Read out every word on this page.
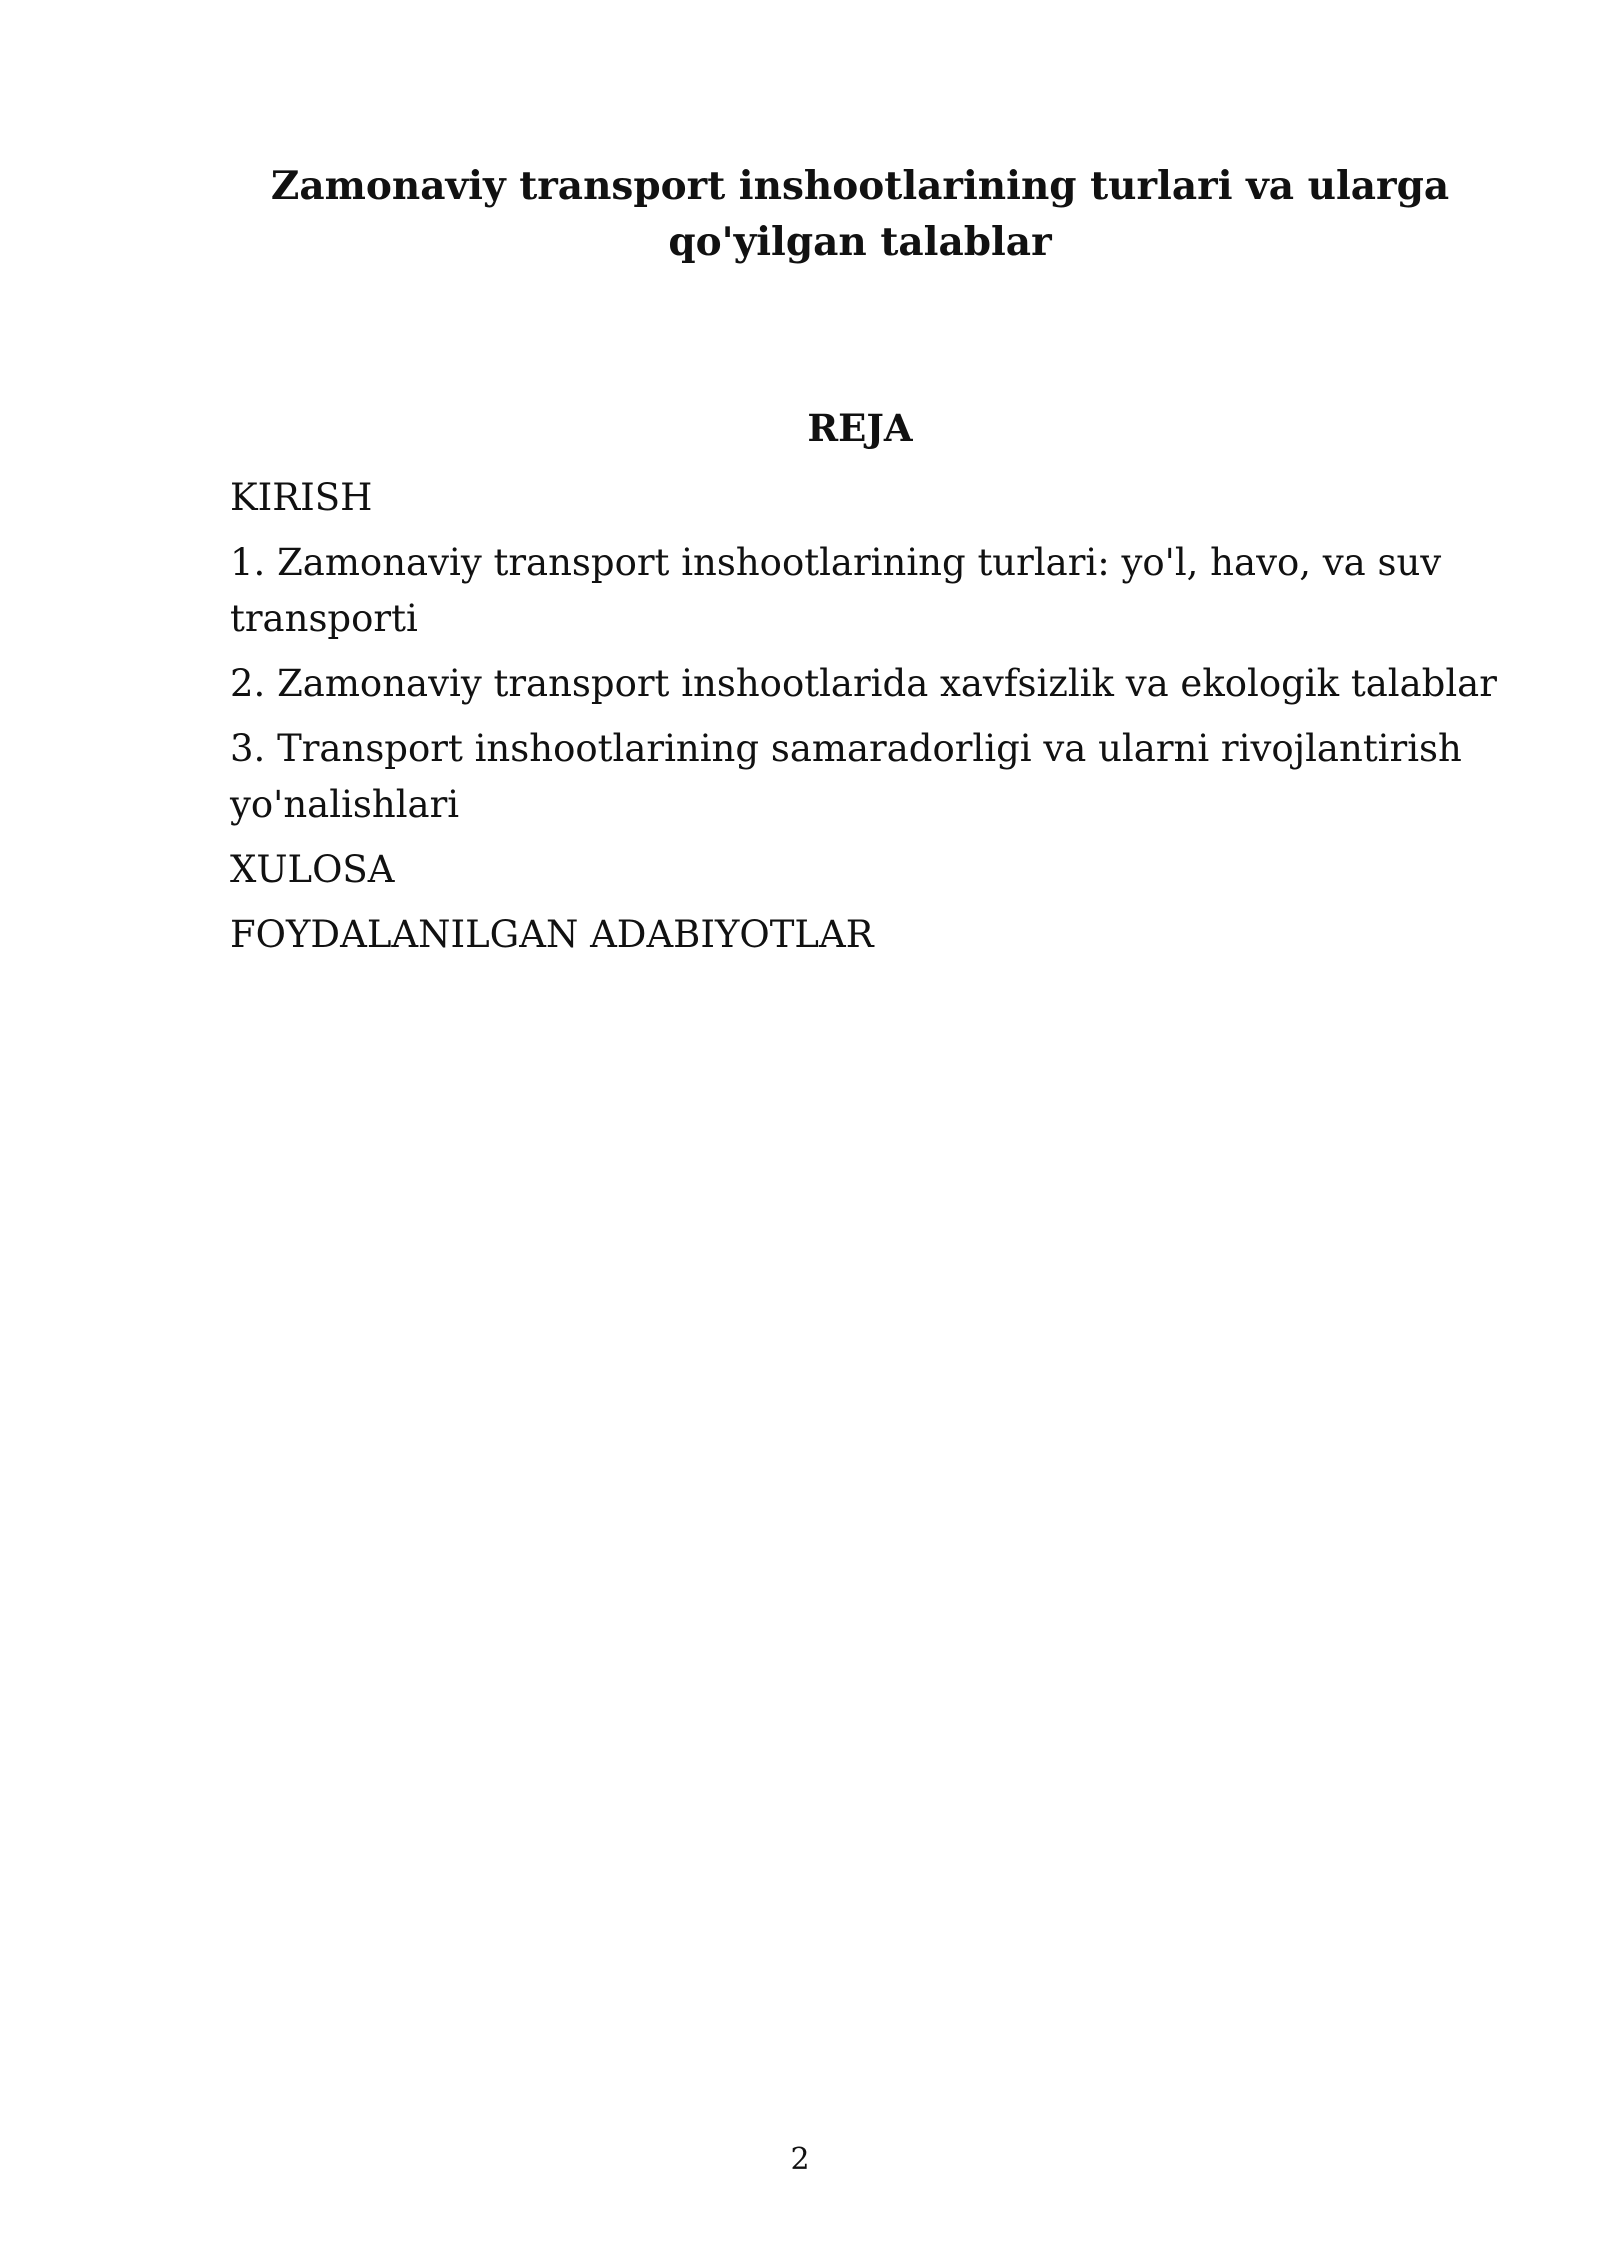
Zamonaviy transport inshootlarining turlari va ularga
qo'yilgan talablar
REJA
KIRISH
1. Zamonaviy transport inshootlarining turlari: yo'l, havo, va suv transporti
2. Zamonaviy transport inshootlarida xavfsizlik va ekologik talablar
3. Transport inshootlarining samaradorligi va ularni rivojlantirish yo'nalishlari
XULOSA
FOYDALANILGAN ADABIYOTLAR
2
